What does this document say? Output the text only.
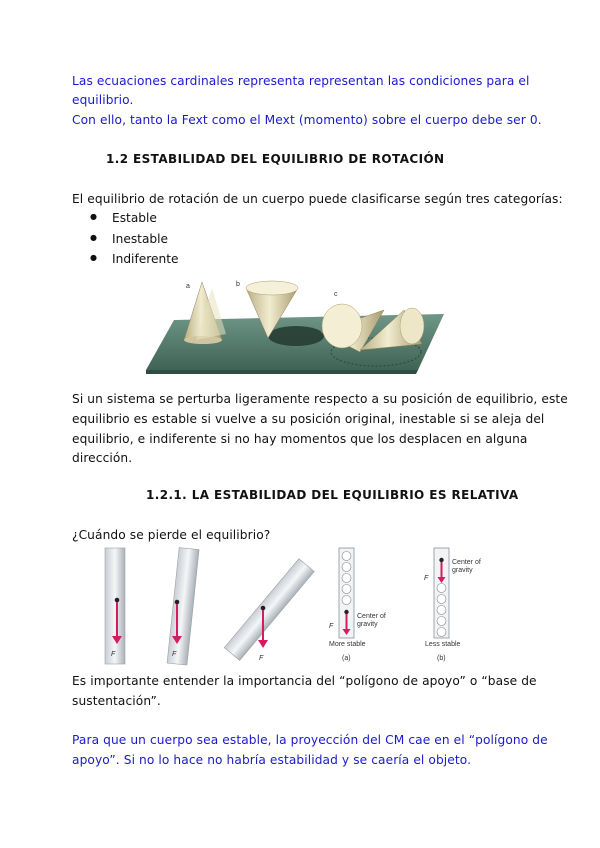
Las ecuaciones cardinales representa representan las condiciones para el
equilibrio.
Con ello, tanto la Fext como el Mext (momento) sobre el cuerpo debe ser 0.
1.2 ESTABILIDAD DEL EQUILIBRIO DE ROTACIÓN
El equilibrio de rotación de un cuerpo puede clasificarse según tres categorías:
● Estable
● Inestable
● Indiferente
a	b
c
Si un sistema se perturba ligeramente respecto a su posición de equilibrio, este
equilibrio es estable si vuelve a su posición original, inestable si se aleja del
equilibrio, e indiferente si no hay momentos que los desplacen en alguna
dirección.
1.2.1. LA ESTABILIDAD DEL EQUILIBRIO ES RELATIVA
¿Cuándo se pierde el equilibrio?
F	F
F
F
Center of
gravity
More stable
(a)
F
Center of
gravity
Less stable
(b)
Es importante entender la importancia del “polígono de apoyo” o “base de
sustentación”.
Para que un cuerpo sea estable, la proyección del CM cae en el “polígono de
apoyo”. Si no lo hace no habría estabilidad y se caería el objeto.
